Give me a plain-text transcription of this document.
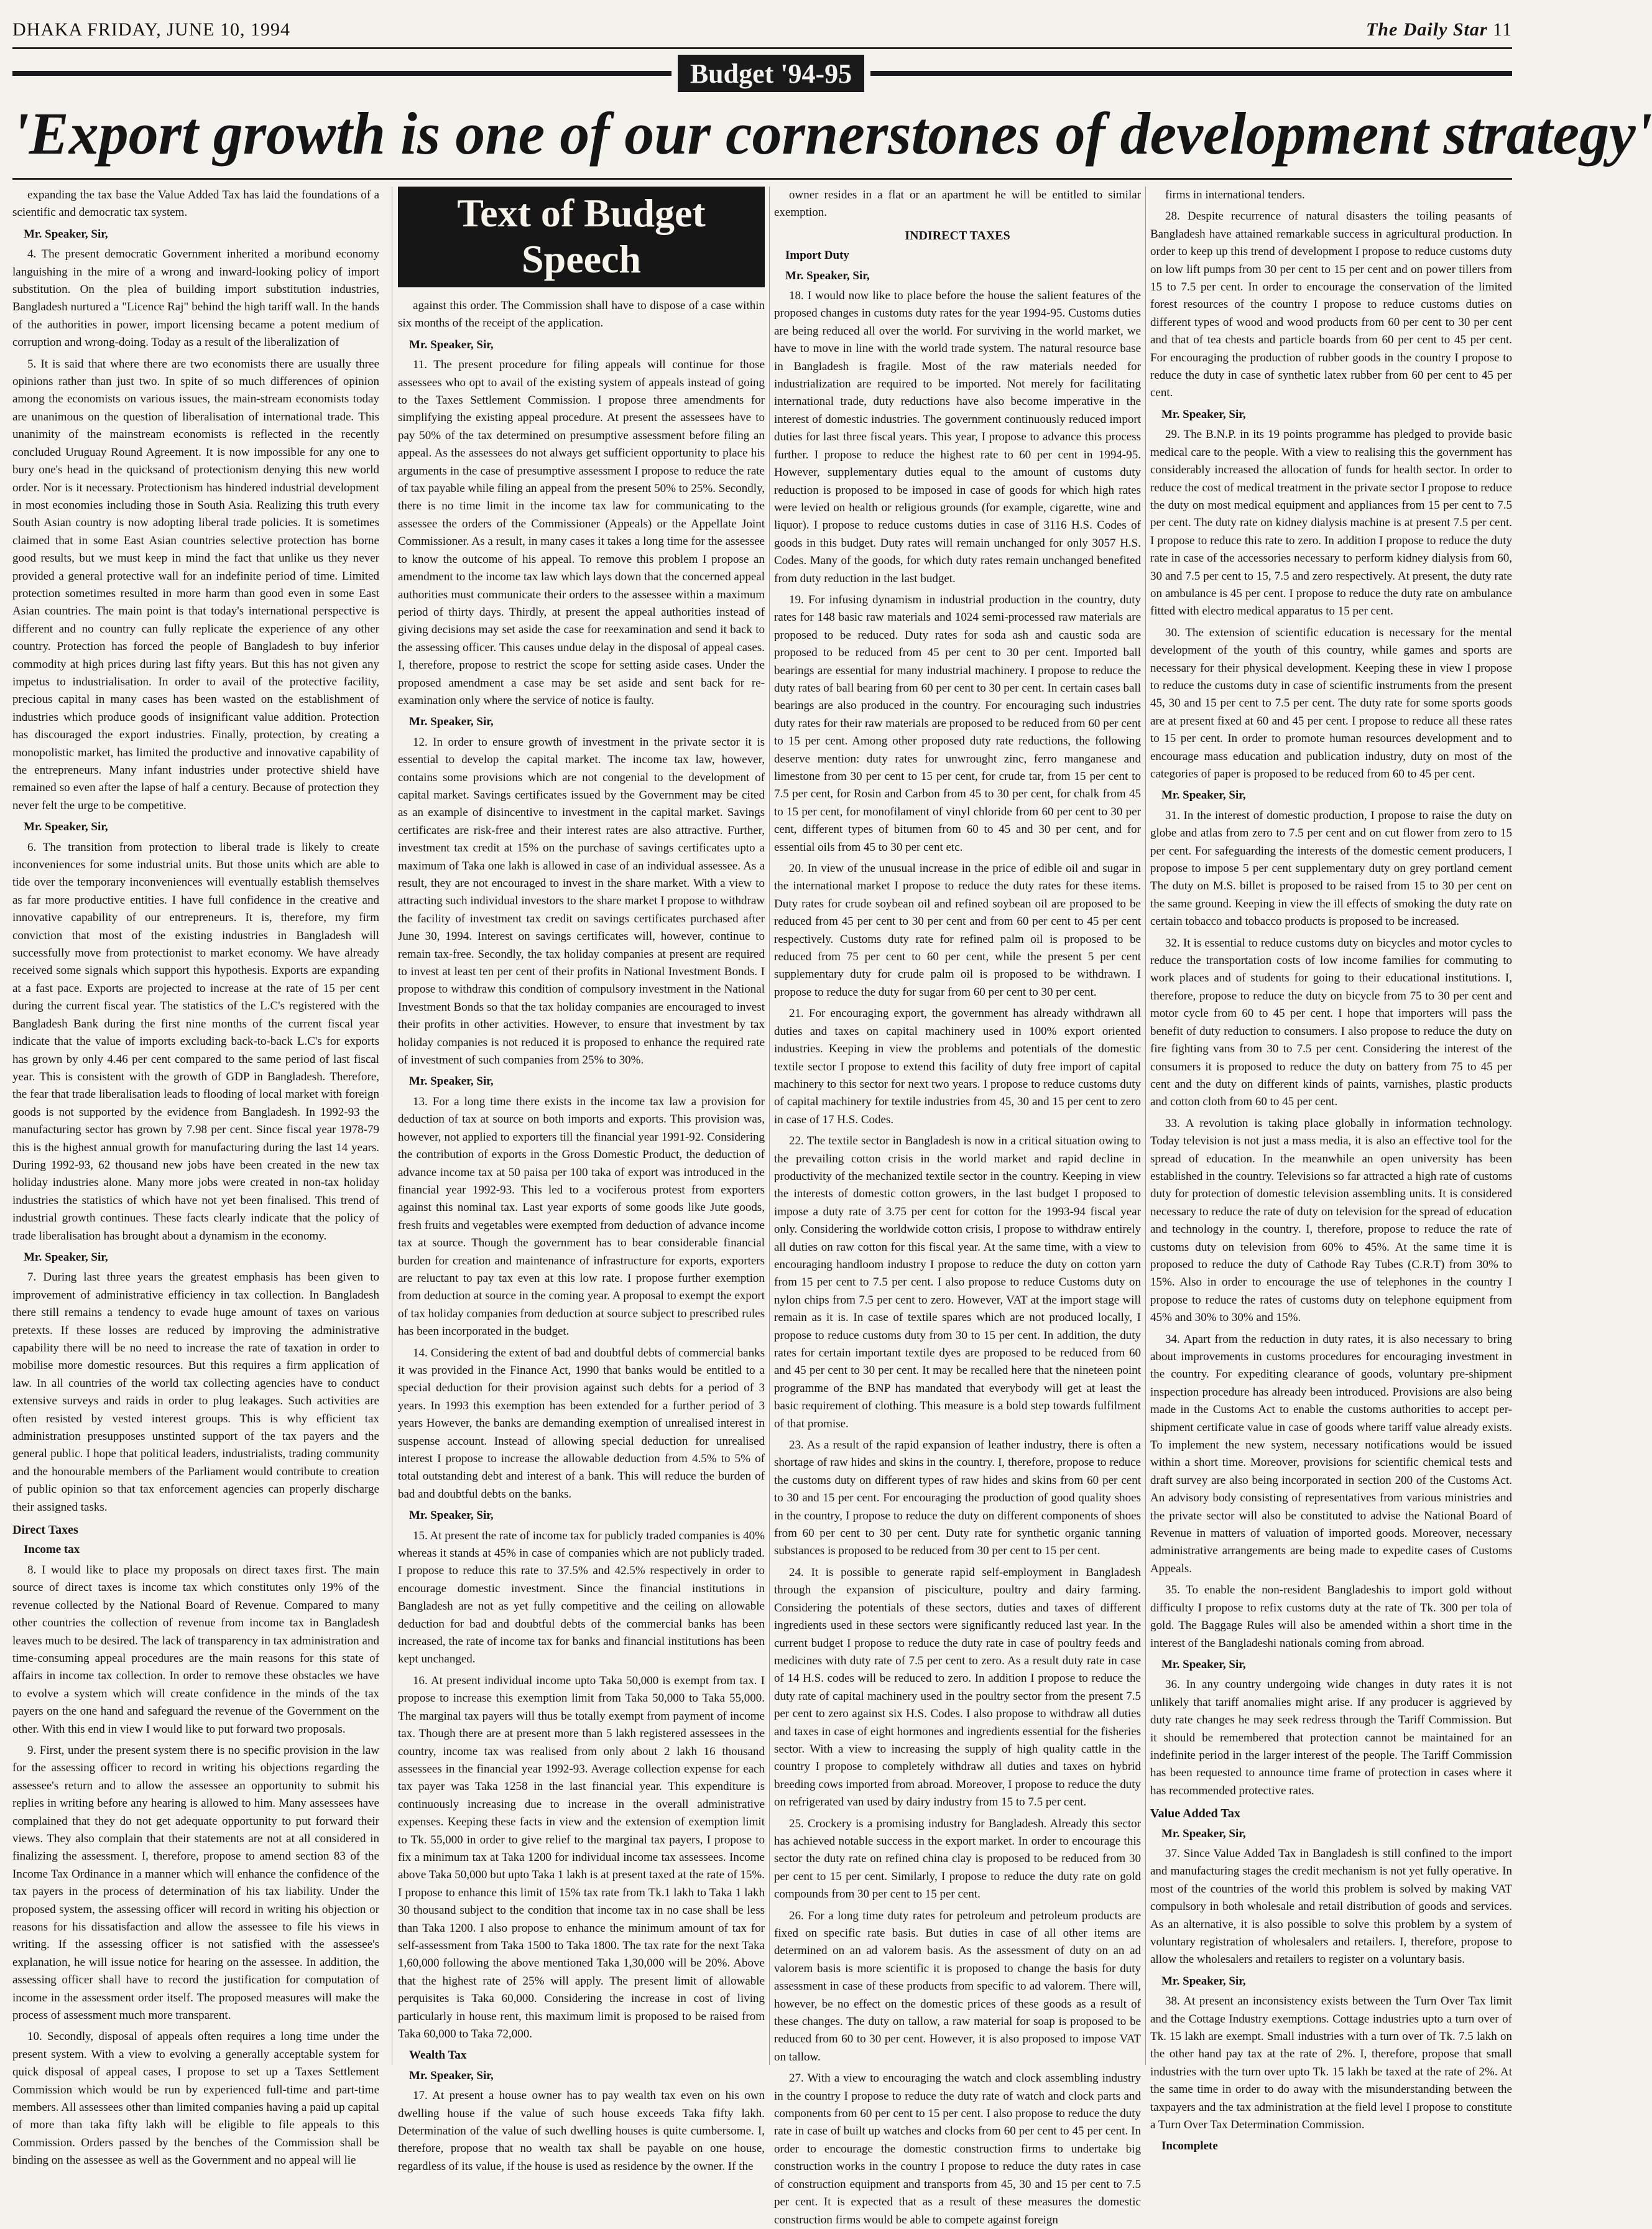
DHAKA FRIDAY, JUNE 10, 1994	The Daily Star 11
Budget '94-95
'Export growth is one of our cornerstones of development strategy'

expanding the tax base the Value Added Tax has laid the foundations of a scientific and democratic tax system.

Mr. Speaker, Sir,

4. The present democratic Government inherited a moribund economy languishing in the mire of a wrong and inward-looking policy of import substitution. On the plea of building import substitution industries, Bangladesh nurtured a "Licence Raj" behind the high tariff wall. In the hands of the authorities in power, import licensing became a potent medium of corruption and wrong-doing. Today as a result of the liberalization of

5. It is said that where there are two economists there are usually three opinions rather than just two. In spite of so much differences of opinion among the economists on various issues, the main-stream economists today are unanimous on the question of liberalisation of international trade. This unanimity of the mainstream economists is reflected in the recently concluded Uruguay Round Agreement. It is now impossible for any one to bury one's head in the quicksand of protectionism denying this new world order. Nor is it necessary. Protectionism has hindered industrial development in most economies including those in South Asia. Realizing this truth every South Asian country is now adopting liberal trade policies. It is sometimes claimed that in some East Asian countries selective protection has borne good results, but we must keep in mind the fact that unlike us they never provided a general protective wall for an indefinite period of time. Limited protection sometimes resulted in more harm than good even in some East Asian countries. The main point is that today's international perspective is different and no country can fully replicate the experience of any other country. Protection has forced the people of Bangladesh to buy inferior commodity at high prices during last fifty years. But this has not given any impetus to industrialisation. In order to avail of the protective facility, precious capital in many cases has been wasted on the establishment of industries which produce goods of insignificant value addition. Protection has discouraged the export industries. Finally, protection, by creating a monopolistic market, has limited the productive and innovative capability of the entrepreneurs. Many infant industries under protective shield have remained so even after the lapse of half a century. Because of protection they never felt the urge to be competitive.

Mr. Speaker, Sir,

6. The transition from protection to liberal trade is likely to create inconveniences for some industrial units. But those units which are able to tide over the temporary inconveniences will eventually establish themselves as far more productive entities. I have full confidence in the creative and innovative capability of our entrepreneurs. It is, therefore, my firm conviction that most of the existing industries in Bangladesh will successfully move from protectionist to market economy. We have already received some signals which support this hypothesis. Exports are expanding at a fast pace. Exports are projected to increase at the rate of 15 per cent during the current fiscal year. The statistics of the L.C's registered with the Bangladesh Bank during the first nine months of the current fiscal year indicate that the value of imports excluding back-to-back L.C's for exports has grown by only 4.46 per cent compared to the same period of last fiscal year. This is consistent with the growth of GDP in Bangladesh. Therefore, the fear that trade liberalisation leads to flooding of local market with foreign goods is not supported by the evidence from Bangladesh. In 1992-93 the manufacturing sector has grown by 7.98 per cent. Since fiscal year 1978-79 this is the highest annual growth for manufacturing during the last 14 years. During 1992-93, 62 thousand new jobs have been created in the new tax holiday industries alone. Many more jobs were created in non-tax holiday industries the statistics of which have not yet been finalised. This trend of industrial growth continues. These facts clearly indicate that the policy of trade liberalisation has brought about a dynamism in the economy.

Mr. Speaker, Sir,

7. During last three years the greatest emphasis has been given to improvement of administrative efficiency in tax collection. In Bangladesh there still remains a tendency to evade huge amount of taxes on various pretexts. If these losses are reduced by improving the administrative capability there will be no need to increase the rate of taxation in order to mobilise more domestic resources. But this requires a firm application of law. In all countries of the world tax collecting agencies have to conduct extensive surveys and raids in order to plug leakages. Such activities are often resisted by vested interest groups. This is why efficient tax administration presupposes unstinted support of the tax payers and the general public. I hope that political leaders, industrialists, trading community and the honourable members of the Parliament would contribute to creation of public opinion so that tax enforcement agencies can properly discharge their assigned tasks.

Direct Taxes
Income tax

8. I would like to place my proposals on direct taxes first. The main source of direct taxes is income tax which constitutes only 19% of the revenue collected by the National Board of Revenue. Compared to many other countries the collection of revenue from income tax in Bangladesh leaves much to be desired. The lack of transparency in tax administration and time-consuming appeal procedures are the main reasons for this state of affairs in income tax collection. In order to remove these obstacles we have to evolve a system which will create confidence in the minds of the tax payers on the one hand and safeguard the revenue of the Government on the other. With this end in view I would like to put forward two proposals.

9. First, under the present system there is no specific provision in the law for the assessing officer to record in writing his objections regarding the assessee's return and to allow the assessee an opportunity to submit his replies in writing before any hearing is allowed to him. Many assessees have complained that they do not get adequate opportunity to put forward their views. They also complain that their statements are not at all considered in finalizing the assessment. I, therefore, propose to amend section 83 of the Income Tax Ordinance in a manner which will enhance the confidence of the tax payers in the process of determination of his tax liability. Under the proposed system, the assessing officer will record in writing his objection or reasons for his dissatisfaction and allow the assessee to file his views in writing. If the assessing officer is not satisfied with the assessee's explanation, he will issue notice for hearing on the assessee. In addition, the assessing officer shall have to record the justification for computation of income in the assessment order itself. The proposed measures will make the process of assessment much more transparent.

10. Secondly, disposal of appeals often requires a long time under the present system. With a view to evolving a generally acceptable system for quick disposal of appeal cases, I propose to set up a Taxes Settlement Commission which would be run by experienced full-time and part-time members. All assessees other than limited companies having a paid up capital of more than taka fifty lakh will be eligible to file appeals to this Commission. Orders passed by the benches of the Commission shall be binding on the assessee as well as the Government and no appeal will lie

Text of Budget
Speech

against this order. The Commission shall have to dispose of a case within six months of the receipt of the application.

Mr. Speaker, Sir,

11. The present procedure for filing appeals will continue for those assessees who opt to avail of the existing system of appeals instead of going to the Taxes Settlement Commission. I propose three amendments for simplifying the existing appeal procedure. At present the assessees have to pay 50% of the tax determined on presumptive assessment before filing an appeal. As the assessees do not always get sufficient opportunity to place his arguments in the case of presumptive assessment I propose to reduce the rate of tax payable while filing an appeal from the present 50% to 25%. Secondly, there is no time limit in the income tax law for communicating to the assessee the orders of the Commissioner (Appeals) or the Appellate Joint Commissioner. As a result, in many cases it takes a long time for the assessee to know the outcome of his appeal. To remove this problem I propose an amendment to the income tax law which lays down that the concerned appeal authorities must communicate their orders to the assessee within a maximum period of thirty days. Thirdly, at present the appeal authorities instead of giving decisions may set aside the case for reexamination and send it back to the assessing officer. This causes undue delay in the disposal of appeal cases. I, therefore, propose to restrict the scope for setting aside cases. Under the proposed amendment a case may be set aside and sent back for re-examination only where the service of notice is faulty.

Mr. Speaker, Sir,

12. In order to ensure growth of investment in the private sector it is essential to develop the capital market. The income tax law, however, contains some provisions which are not congenial to the development of capital market. Savings certificates issued by the Government may be cited as an example of disincentive to investment in the capital market. Savings certificates are risk-free and their interest rates are also attractive. Further, investment tax credit at 15% on the purchase of savings certificates upto a maximum of Taka one lakh is allowed in case of an individual assessee. As a result, they are not encouraged to invest in the share market. With a view to attracting such individual investors to the share market I propose to withdraw the facility of investment tax credit on savings certificates purchased after June 30, 1994. Interest on savings certificates will, however, continue to remain tax-free. Secondly, the tax holiday companies at present are required to invest at least ten per cent of their profits in National Investment Bonds. I propose to withdraw this condition of compulsory investment in the National Investment Bonds so that the tax holiday companies are encouraged to invest their profits in other activities. However, to ensure that investment by tax holiday companies is not reduced it is proposed to enhance the required rate of investment of such companies from 25% to 30%.

Mr. Speaker, Sir,

13. For a long time there exists in the income tax law a provision for deduction of tax at source on both imports and exports. This provision was, however, not applied to exporters till the financial year 1991-92. Considering the contribution of exports in the Gross Domestic Product, the deduction of advance income tax at 50 paisa per 100 taka of export was introduced in the financial year 1992-93. This led to a vociferous protest from exporters against this nominal tax. Last year exports of some goods like Jute goods, fresh fruits and vegetables were exempted from deduction of advance income tax at source. Though the government has to bear considerable financial burden for creation and maintenance of infrastructure for exports, exporters are reluctant to pay tax even at this low rate. I propose further exemption from deduction at source in the coming year. A proposal to exempt the export of tax holiday companies from deduction at source subject to prescribed rules has been incorporated in the budget.

14. Considering the extent of bad and doubtful debts of commercial banks it was provided in the Finance Act, 1990 that banks would be entitled to a special deduction for their provision against such debts for a period of 3 years. In 1993 this exemption has been extended for a further period of 3 years However, the banks are demanding exemption of unrealised interest in suspense account. Instead of allowing special deduction for unrealised interest I propose to increase the allowable deduction from 4.5% to 5% of total outstanding debt and interest of a bank. This will reduce the burden of bad and doubtful debts on the banks.

Mr. Speaker, Sir,

15. At present the rate of income tax for publicly traded companies is 40% whereas it stands at 45% in case of companies which are not publicly traded. I propose to reduce this rate to 37.5% and 42.5% respectively in order to encourage domestic investment. Since the financial institutions in Bangladesh are not as yet fully competitive and the ceiling on allowable deduction for bad and doubtful debts of the commercial banks has been increased, the rate of income tax for banks and financial institutions has been kept unchanged.

16. At present individual income upto Taka 50,000 is exempt from tax. I propose to increase this exemption limit from Taka 50,000 to Taka 55,000. The marginal tax payers will thus be totally exempt from payment of income tax. Though there are at present more than 5 lakh registered assessees in the country, income tax was realised from only about 2 lakh 16 thousand assessees in the financial year 1992-93. Average collection expense for each tax payer was Taka 1258 in the last financial year. This expenditure is continuously increasing due to increase in the overall administrative expenses. Keeping these facts in view and the extension of exemption limit to Tk. 55,000 in order to give relief to the marginal tax payers, I propose to fix a minimum tax at Taka 1200 for individual income tax assessees. Income above Taka 50,000 but upto Taka 1 lakh is at present taxed at the rate of 15%. I propose to enhance this limit of 15% tax rate from Tk.1 lakh to Taka 1 lakh 30 thousand subject to the condition that income tax in no case shall be less than Taka 1200. I also propose to enhance the minimum amount of tax for self-assessment from Taka 1500 to Taka 1800. The tax rate for the next Taka 1,60,000 following the above mentioned Taka 1,30,000 will be 20%. Above that the highest rate of 25% will apply. The present limit of allowable perquisites is Taka 60,000. Considering the increase in cost of living particularly in house rent, this maximum limit is proposed to be raised from Taka 60,000 to Taka 72,000.

Wealth Tax
Mr. Speaker, Sir,

17. At present a house owner has to pay wealth tax even on his own dwelling house if the value of such house exceeds Taka fifty lakh. Determination of the value of such dwelling houses is quite cumbersome. I, therefore, propose that no wealth tax shall be payable on one house, regardless of its value, if the house is used as residence by the owner. If the

owner resides in a flat or an apartment he will be entitled to similar exemption.

INDIRECT TAXES
Import Duty
Mr. Speaker, Sir,

18. I would now like to place before the house the salient features of the proposed changes in customs duty rates for the year 1994-95. Customs duties are being reduced all over the world. For surviving in the world market, we have to move in line with the world trade system. The natural resource base in Bangladesh is fragile. Most of the raw materials needed for industrialization are required to be imported. Not merely for facilitating international trade, duty reductions have also become imperative in the interest of domestic industries. The government continuously reduced import duties for last three fiscal years. This year, I propose to advance this process further. I propose to reduce the highest rate to 60 per cent in 1994-95. However, supplementary duties equal to the amount of customs duty reduction is proposed to be imposed in case of goods for which high rates were levied on health or religious grounds (for example, cigarette, wine and liquor). I propose to reduce customs duties in case of 3116 H.S. Codes of goods in this budget. Duty rates will remain unchanged for only 3057 H.S. Codes. Many of the goods, for which duty rates remain unchanged benefited from duty reduction in the last budget.

19. For infusing dynamism in industrial production in the country, duty rates for 148 basic raw materials and 1024 semi-processed raw materials are proposed to be reduced. Duty rates for soda ash and caustic soda are proposed to be reduced from 45 per cent to 30 per cent. Imported ball bearings are essential for many industrial machinery. I propose to reduce the duty rates of ball bearing from 60 per cent to 30 per cent. In certain cases ball bearings are also produced in the country. For encouraging such industries duty rates for their raw materials are proposed to be reduced from 60 per cent to 15 per cent. Among other proposed duty rate reductions, the following deserve mention: duty rates for unwrought zinc, ferro manganese and limestone from 30 per cent to 15 per cent, for crude tar, from 15 per cent to 7.5 per cent, for Rosin and Carbon from 45 to 30 per cent, for chalk from 45 to 15 per cent, for monofilament of vinyl chloride from 60 per cent to 30 per cent, different types of bitumen from 60 to 45 and 30 per cent, and for essential oils from 45 to 30 per cent etc.

20. In view of the unusual increase in the price of edible oil and sugar in the international market I propose to reduce the duty rates for these items. Duty rates for crude soybean oil and refined soybean oil are proposed to be reduced from 45 per cent to 30 per cent and from 60 per cent to 45 per cent respectively. Customs duty rate for refined palm oil is proposed to be reduced from 75 per cent to 60 per cent, while the present 5 per cent supplementary duty for crude palm oil is proposed to be withdrawn. I propose to reduce the duty for sugar from 60 per cent to 30 per cent.

21. For encouraging export, the government has already withdrawn all duties and taxes on capital machinery used in 100% export oriented industries. Keeping in view the problems and potentials of the domestic textile sector I propose to extend this facility of duty free import of capital machinery to this sector for next two years. I propose to reduce customs duty of capital machinery for textile industries from 45, 30 and 15 per cent to zero in case of 17 H.S. Codes.

22. The textile sector in Bangladesh is now in a critical situation owing to the prevailing cotton crisis in the world market and rapid decline in productivity of the mechanized textile sector in the country. Keeping in view the interests of domestic cotton growers, in the last budget I proposed to impose a duty rate of 3.75 per cent for cotton for the 1993-94 fiscal year only. Considering the worldwide cotton crisis, I propose to withdraw entirely all duties on raw cotton for this fiscal year. At the same time, with a view to encouraging handloom industry I propose to reduce the duty on cotton yarn from 15 per cent to 7.5 per cent. I also propose to reduce Customs duty on nylon chips from 7.5 per cent to zero. However, VAT at the import stage will remain as it is. In case of textile spares which are not produced locally, I propose to reduce customs duty from 30 to 15 per cent. In addition, the duty rates for certain important textile dyes are proposed to be reduced from 60 and 45 per cent to 30 per cent. It may be recalled here that the nineteen point programme of the BNP has mandated that everybody will get at least the basic requirement of clothing. This measure is a bold step towards fulfilment of that promise.

23. As a result of the rapid expansion of leather industry, there is often a shortage of raw hides and skins in the country. I, therefore, propose to reduce the customs duty on different types of raw hides and skins from 60 per cent to 30 and 15 per cent. For encouraging the production of good quality shoes in the country, I propose to reduce the duty on different components of shoes from 60 per cent to 30 per cent. Duty rate for synthetic organic tanning substances is proposed to be reduced from 30 per cent to 15 per cent.

24. It is possible to generate rapid self-employment in Bangladesh through the expansion of pisciculture, poultry and dairy farming. Considering the potentials of these sectors, duties and taxes of different ingredients used in these sectors were significantly reduced last year. In the current budget I propose to reduce the duty rate in case of poultry feeds and medicines with duty rate of 7.5 per cent to zero. As a result duty rate in case of 14 H.S. codes will be reduced to zero. In addition I propose to reduce the duty rate of capital machinery used in the poultry sector from the present 7.5 per cent to zero against six H.S. Codes. I also propose to withdraw all duties and taxes in case of eight hormones and ingredients essential for the fisheries sector. With a view to increasing the supply of high quality cattle in the country I propose to completely withdraw all duties and taxes on hybrid breeding cows imported from abroad. Moreover, I propose to reduce the duty on refrigerated van used by dairy industry from 15 to 7.5 per cent.

25. Crockery is a promising industry for Bangladesh. Already this sector has achieved notable success in the export market. In order to encourage this sector the duty rate on refined china clay is proposed to be reduced from 30 per cent to 15 per cent. Similarly, I propose to reduce the duty rate on gold compounds from 30 per cent to 15 per cent.

26. For a long time duty rates for petroleum and petroleum products are fixed on specific rate basis. But duties in case of all other items are determined on an ad valorem basis. As the assessment of duty on an ad valorem basis is more scientific it is proposed to change the basis for duty assessment in case of these products from specific to ad valorem. There will, however, be no effect on the domestic prices of these goods as a result of these changes. The duty on tallow, a raw material for soap is proposed to be reduced from 60 to 30 per cent. However, it is also proposed to impose VAT on tallow.

27. With a view to encouraging the watch and clock assembling industry in the country I propose to reduce the duty rate of watch and clock parts and components from 60 per cent to 15 per cent. I also propose to reduce the duty rate in case of built up watches and clocks from 60 per cent to 45 per cent. In order to encourage the domestic construction firms to undertake big construction works in the country I propose to reduce the duty rates in case of construction equipment and transports from 45, 30 and 15 per cent to 7.5 per cent. It is expected that as a result of these measures the domestic construction firms would be able to compete against foreign

firms in international tenders.

28. Despite recurrence of natural disasters the toiling peasants of Bangladesh have attained remarkable success in agricultural production. In order to keep up this trend of development I propose to reduce customs duty on low lift pumps from 30 per cent to 15 per cent and on power tillers from 15 to 7.5 per cent. In order to encourage the conservation of the limited forest resources of the country I propose to reduce customs duties on different types of wood and wood products from 60 per cent to 30 per cent and that of tea chests and particle boards from 60 per cent to 45 per cent. For encouraging the production of rubber goods in the country I propose to reduce the duty in case of synthetic latex rubber from 60 per cent to 45 per cent.

Mr. Speaker, Sir,

29. The B.N.P. in its 19 points programme has pledged to provide basic medical care to the people. With a view to realising this the government has considerably increased the allocation of funds for health sector. In order to reduce the cost of medical treatment in the private sector I propose to reduce the duty on most medical equipment and appliances from 15 per cent to 7.5 per cent. The duty rate on kidney dialysis machine is at present 7.5 per cent. I propose to reduce this rate to zero. In addition I propose to reduce the duty rate in case of the accessories necessary to perform kidney dialysis from 60, 30 and 7.5 per cent to 15, 7.5 and zero respectively. At present, the duty rate on ambulance is 45 per cent. I propose to reduce the duty rate on ambulance fitted with electro medical apparatus to 15 per cent.

30. The extension of scientific education is necessary for the mental development of the youth of this country, while games and sports are necessary for their physical development. Keeping these in view I propose to reduce the customs duty in case of scientific instruments from the present 45, 30 and 15 per cent to 7.5 per cent. The duty rate for some sports goods are at present fixed at 60 and 45 per cent. I propose to reduce all these rates to 15 per cent. In order to promote human resources development and to encourage mass education and publication industry, duty on most of the categories of paper is proposed to be reduced from 60 to 45 per cent.

Mr. Speaker, Sir,

31. In the interest of domestic production, I propose to raise the duty on globe and atlas from zero to 7.5 per cent and on cut flower from zero to 15 per cent. For safeguarding the interests of the domestic cement producers, I propose to impose 5 per cent supplementary duty on grey portland cement The duty on M.S. billet is proposed to be raised from 15 to 30 per cent on the same ground. Keeping in view the ill effects of smoking the duty rate on certain tobacco and tobacco products is proposed to be increased.

32. It is essential to reduce customs duty on bicycles and motor cycles to reduce the transportation costs of low income families for commuting to work places and of students for going to their educational institutions. I, therefore, propose to reduce the duty on bicycle from 75 to 30 per cent and motor cycle from 60 to 45 per cent. I hope that importers will pass the benefit of duty reduction to consumers. I also propose to reduce the duty on fire fighting vans from 30 to 7.5 per cent. Considering the interest of the consumers it is proposed to reduce the duty on battery from 75 to 45 per cent and the duty on different kinds of paints, varnishes, plastic products and cotton cloth from 60 to 45 per cent.

33. A revolution is taking place globally in information technology. Today television is not just a mass media, it is also an effective tool for the spread of education. In the meanwhile an open university has been established in the country. Televisions so far attracted a high rate of customs duty for protection of domestic television assembling units. It is considered necessary to reduce the rate of duty on television for the spread of education and technology in the country. I, therefore, propose to reduce the rate of customs duty on television from 60% to 45%. At the same time it is proposed to reduce the duty of Cathode Ray Tubes (C.R.T) from 30% to 15%. Also in order to encourage the use of telephones in the country I propose to reduce the rates of customs duty on telephone equipment from 45% and 30% to 30% and 15%.

34. Apart from the reduction in duty rates, it is also necessary to bring about improvements in customs procedures for encouraging investment in the country. For expediting clearance of goods, voluntary pre-shipment inspection procedure has already been introduced. Provisions are also being made in the Customs Act to enable the customs authorities to accept per-shipment certificate value in case of goods where tariff value already exists. To implement the new system, necessary notifications would be issued within a short time. Moreover, provisions for scientific chemical tests and draft survey are also being incorporated in section 200 of the Customs Act. An advisory body consisting of representatives from various ministries and the private sector will also be constituted to advise the National Board of Revenue in matters of valuation of imported goods. Moreover, necessary administrative arrangements are being made to expedite cases of Customs Appeals.

35. To enable the non-resident Bangladeshis to import gold without difficulty I propose to refix customs duty at the rate of Tk. 300 per tola of gold. The Baggage Rules will also be amended within a short time in the interest of the Bangladeshi nationals coming from abroad.

Mr. Speaker, Sir,

36. In any country undergoing wide changes in duty rates it is not unlikely that tariff anomalies might arise. If any producer is aggrieved by duty rate changes he may seek redress through the Tariff Commission. But it should be remembered that protection cannot be maintained for an indefinite period in the larger interest of the people. The Tariff Commission has been requested to announce time frame of protection in cases where it has recommended protective rates.

Value Added Tax
Mr. Speaker, Sir,

37. Since Value Added Tax in Bangladesh is still confined to the import and manufacturing stages the credit mechanism is not yet fully operative. In most of the countries of the world this problem is solved by making VAT compulsory in both wholesale and retail distribution of goods and services. As an alternative, it is also possible to solve this problem by a system of voluntary registration of wholesalers and retailers. I, therefore, propose to allow the wholesalers and retailers to register on a voluntary basis.

Mr. Speaker, Sir,

38. At present an inconsistency exists between the Turn Over Tax limit and the Cottage Industry exemptions. Cottage industries upto a turn over of Tk. 15 lakh are exempt. Small industries with a turn over of Tk. 7.5 lakh on the other hand pay tax at the rate of 2%. I, therefore, propose that small industries with the turn over upto Tk. 15 lakh be taxed at the rate of 2%. At the same time in order to do away with the misunderstanding between the taxpayers and the tax administration at the field level I propose to constitute a Turn Over Tax Determination Commission.

Incomplete
